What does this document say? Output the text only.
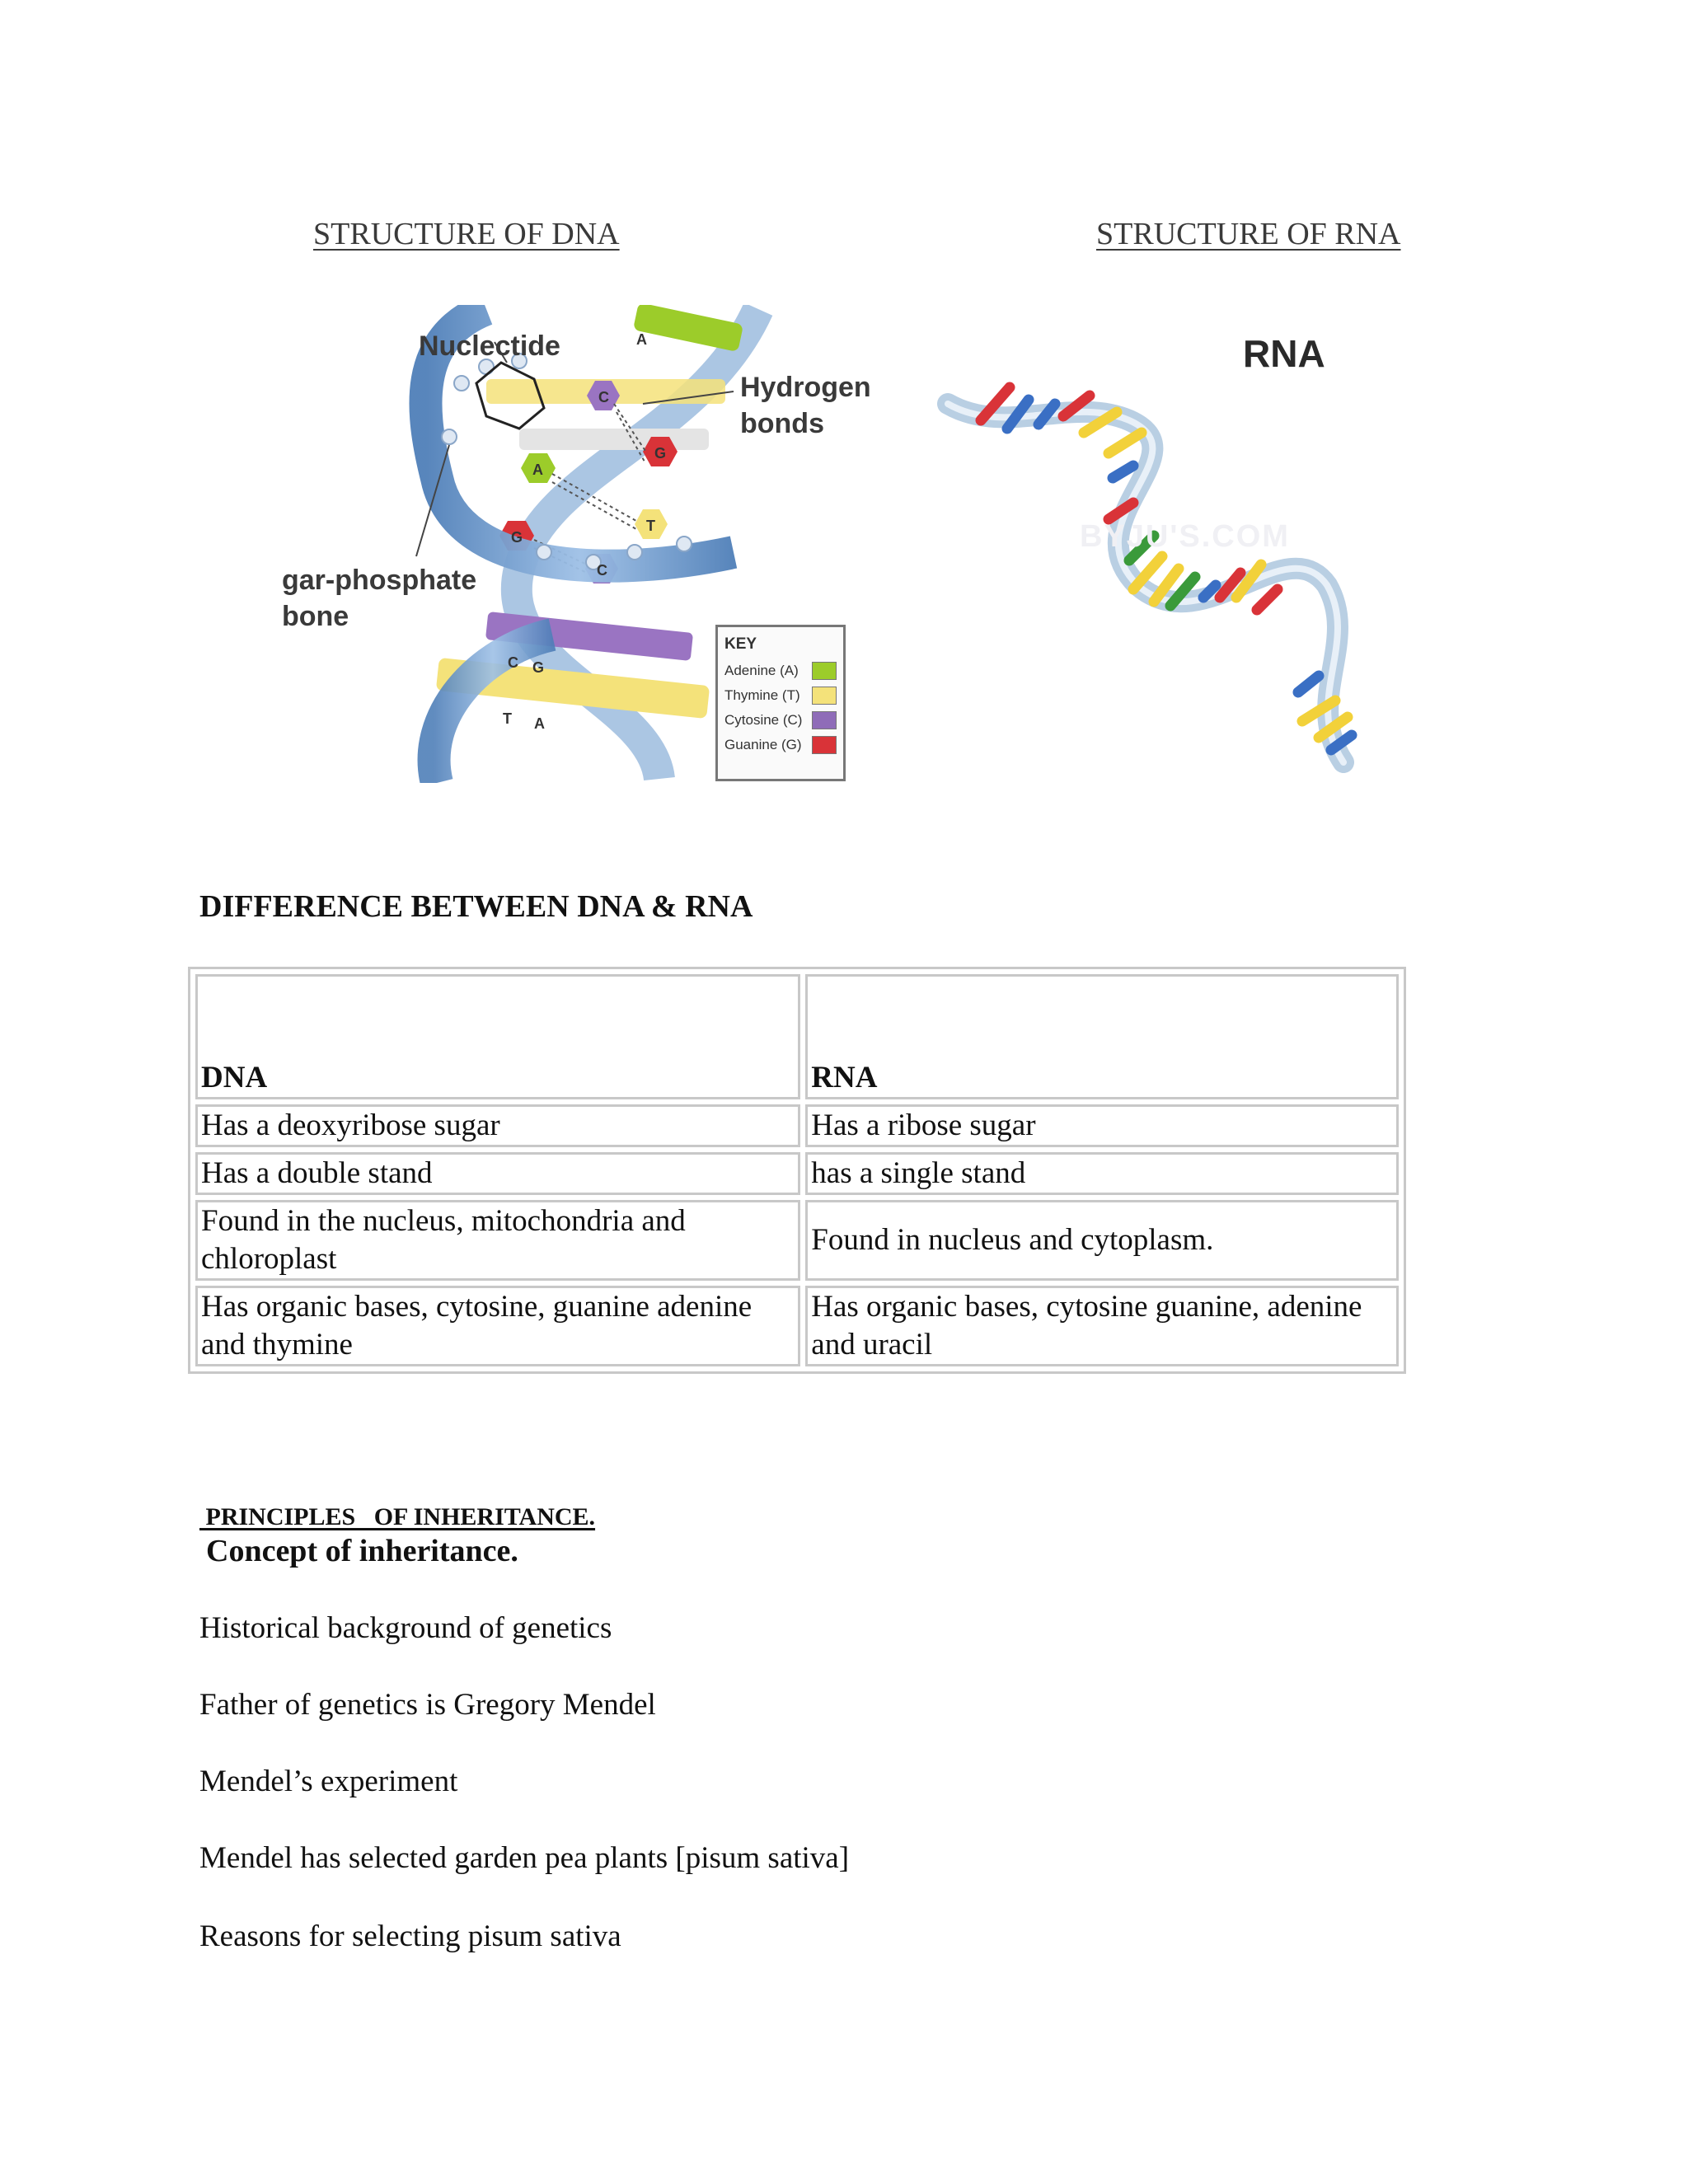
STRUCTURE OF DNA	STRUCTURE OF RNA
A
C
G
A
T
G
C
C G
T A
Nuclectide
Hydrogen
bonds
gar-phosphate
bone
KEY
Adenine (A)
Thymine (T)
Cytosine (C)
Guanine (G)
BYJU'S.COM
RNA
DIFFERENCE BETWEEN DNA & RNA
DNA	RNA
Has a deoxyribose sugar	Has a ribose sugar
Has a double stand	has a single stand
Found in the nucleus, mitochondria and chloroplast	Found in nucleus and cytoplasm.
Has organic bases, cytosine, guanine adenine and thymine	Has organic bases, cytosine guanine, adenine and uracil
PRINCIPLES   OF INHERITANCE.
Concept of inheritance.
Historical background of genetics
Father of genetics is Gregory Mendel
Mendel’s experiment
Mendel has selected garden pea plants [pisum sativa]
Reasons for selecting pisum sativa
